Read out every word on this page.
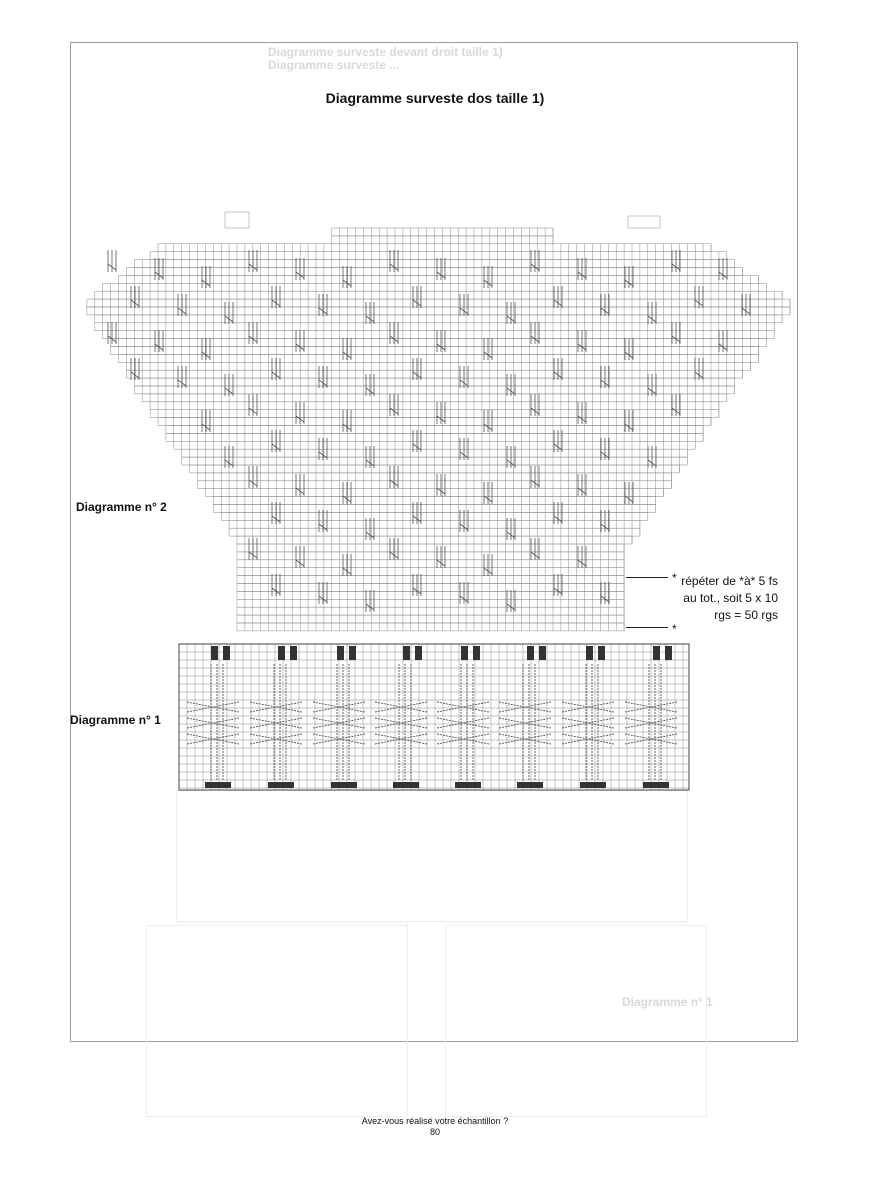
Diagramme surveste devant droit taille 1)
Diagramme surveste ...
Diagramme n° 1
Diagramme surveste dos taille 1)
Diagramme n° 2
Diagramme n° 1
* répéter de *à* 5 fs
au tot., soit 5 x 10
rgs = 50 rgs
*
Avez-vous réalisé votre échantillon ?
80
